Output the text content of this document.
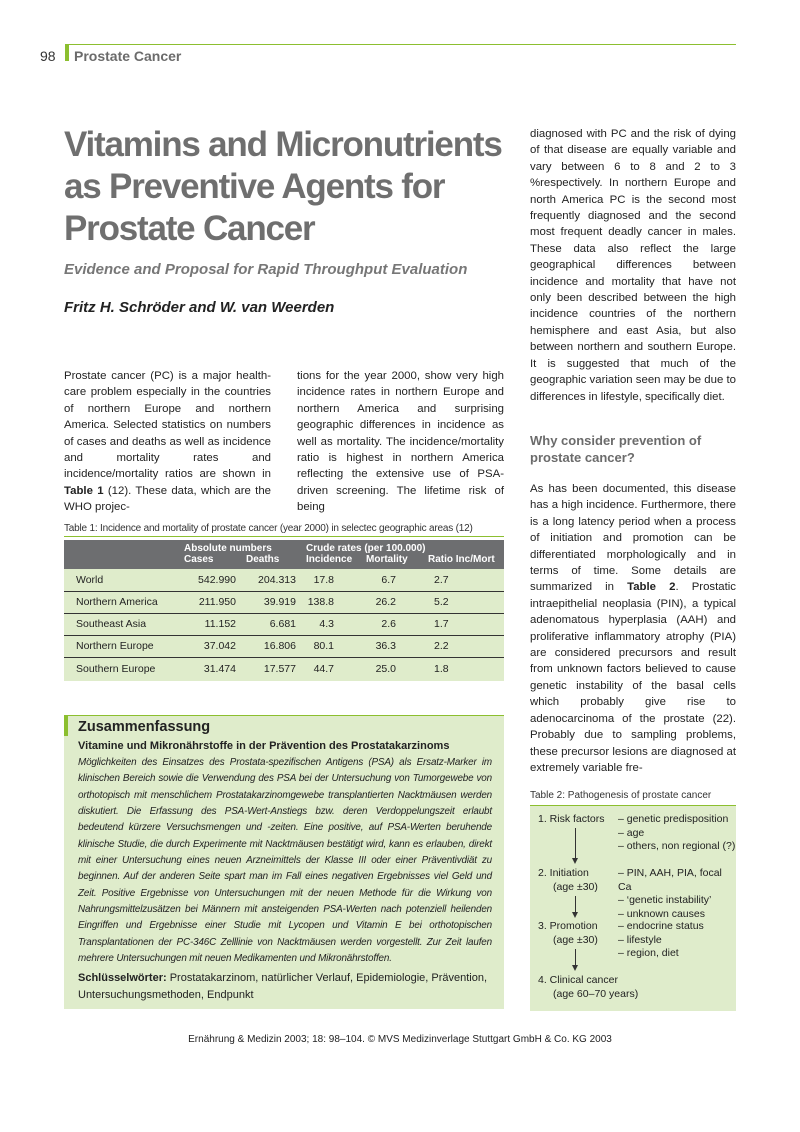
98 Prostate Cancer
Vitamins and Micronutrients as Preventive Agents for Prostate Cancer
Evidence and Proposal for Rapid Throughput Evaluation
Fritz H. Schröder and W. van Weerden
Prostate cancer (PC) is a major health-care problem especially in the countries of northern Europe and northern America. Selected statistics on numbers of cases and deaths as well as incidence and mortality rates and incidence/mortality ratios are shown in Table 1 (12). These data, which are the WHO projec-
tions for the year 2000, show very high incidence rates in northern Europe and northern America and surprising geographic differences in incidence as well as mortality. The incidence/mortality ratio is highest in northern America reflecting the extensive use of PSA-driven screening. The lifetime risk of being
diagnosed with PC and the risk of dying of that disease are equally variable and vary between 6 to 8 and 2 to 3 %respectively. In northern Europe and north America PC is the second most frequently diagnosed and the second most frequent deadly cancer in males. These data also reflect the large geographical differences between incidence and mortality that have not only been described between the high incidence countries of the northern hemisphere and east Asia, but also between northern and southern Europe. It is suggested that much of the geographic variation seen may be due to differences in lifestyle, specifically diet.
Why consider prevention of prostate cancer?
As has been documented, this disease has a high incidence. Furthermore, there is a long latency period when a process of initiation and promotion can be differentiated morphologically and in terms of time. Some details are summarized in Table 2. Prostatic intraepithelial neoplasia (PIN), a typical adenomatous hyperplasia (AAH) and proliferative inflammatory atrophy (PIA) are considered precursors and result from unknown factors believed to cause genetic instability of the basal cells which probably give rise to adenocarcinoma of the prostate (22). Probably due to sampling problems, these precursor lesions are diagnosed at extremely variable fre-
Table 1: Incidence and mortality of prostate cancer (year 2000) in selectec geographic areas (12)
	Absolute numbers		Crude rates (per 100.000)		
	Cases	Deaths	Incidence	Mortality	Ratio Inc/Mort
World	542.990	204.313	17.8	6.7	2.7
Northern America	211.950	39.919	138.8	26.2	5.2
Southeast Asia	11.152	6.681	4.3	2.6	1.7
Northern Europe	37.042	16.806	80.1	36.3	2.2
Southern Europe	31.474	17.577	44.7	25.0	1.8
Zusammenfassung
Vitamine und Mikronährstoffe in der Prävention des Prostatakarzinoms
Möglichkeiten des Einsatzes des Prostata-spezifischen Antigens (PSA) als Ersatz-Marker im klinischen Bereich sowie die Verwendung des PSA bei der Untersuchung von Tumorgewebe von orthotopisch mit menschlichem Prostatakarzinomgewebe transplantierten Nacktmäusen werden diskutiert. Die Erfassung des PSA-Wert-Anstiegs bzw. deren Verdoppelungszeit erlaubt bedeutend kürzere Versuchsmengen und -zeiten. Eine positive, auf PSA-Werten beruhende klinische Studie, die durch Experimente mit Nacktmäusen bestätigt wird, kann es erlauben, direkt mit einer Untersuchung eines neuen Arzneimittels der Klasse III oder einer Präventivdiät zu beginnen. Auf der anderen Seite spart man im Fall eines negativen Ergebnisses viel Geld und Zeit. Positive Ergebnisse von Untersuchungen mit der neuen Methode für die Wirkung von Nahrungsmittelzusätzen bei Männern mit ansteigenden PSA-Werten nach potenziell heilenden Eingriffen und Ergebnisse einer Studie mit Lycopen und Vitamin E bei orthotopischen Transplantationen der PC-346C Zelllinie von Nacktmäusen werden vorgestellt. Zur Zeit laufen mehrere Untersuchungen mit neuen Medikamenten und Mikronährstoffen.
Schlüsselwörter: Prostatakarzinom, natürlicher Verlauf, Epidemiologie, Prävention, Untersuchungsmethoden, Endpunkt
Table 2: Pathogenesis of prostate cancer
1. Risk factors – genetic predisposition
– age
– others, non regional (?)
2. Initiation
(age ±30)
– PIN, AAH, PIA, focal Ca
– ‘genetic instability’
– unknown causes
3. Promotion
(age ±30)
– endocrine status
– lifestyle
– region, diet
4. Clinical cancer
(age 60–70 years)
Ernährung & Medizin 2003; 18: 98–104. © MVS Medizinverlage Stuttgart GmbH & Co. KG 2003
